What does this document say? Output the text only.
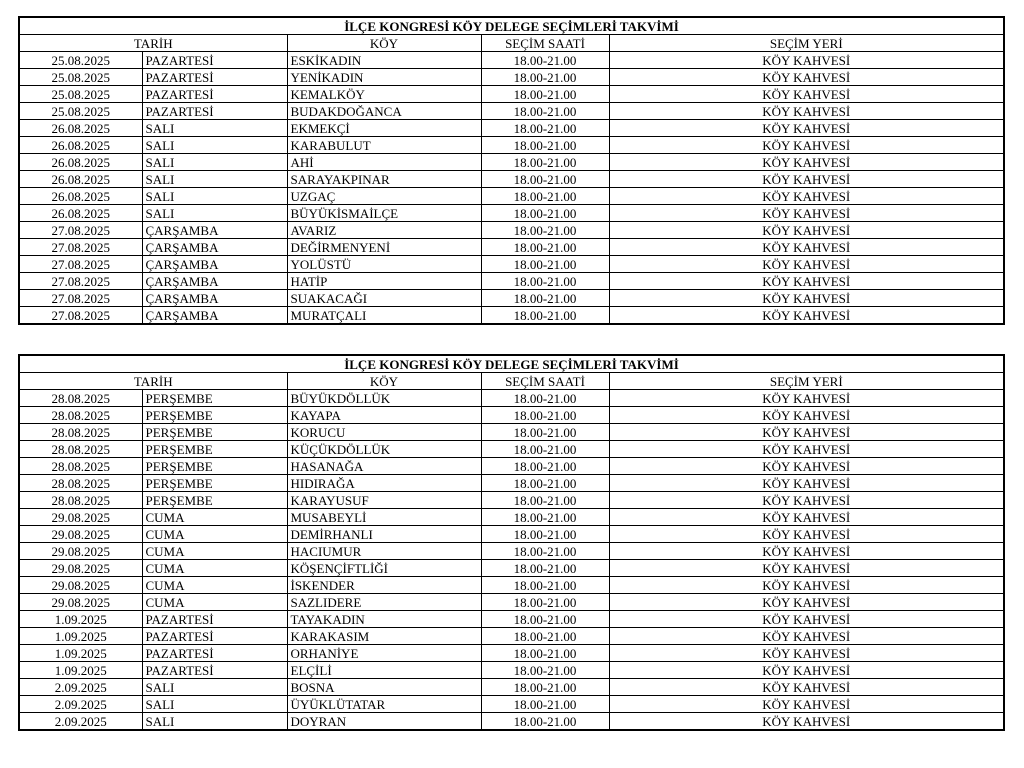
İLÇE KONGRESİ KÖY DELEGE SEÇİMLERİ TAKVİMİ				
TARİH		KÖY	SEÇİM SAATİ	SEÇİM YERİ
25.08.2025	PAZARTESİ	ESKİKADIN	18.00-21.00	KÖY KAHVESİ
25.08.2025	PAZARTESİ	YENİKADIN	18.00-21.00	KÖY KAHVESİ
25.08.2025	PAZARTESİ	KEMALKÖY	18.00-21.00	KÖY KAHVESİ
25.08.2025	PAZARTESİ	BUDAKDOĞANCA	18.00-21.00	KÖY KAHVESİ
26.08.2025	SALI	EKMEKÇİ	18.00-21.00	KÖY KAHVESİ
26.08.2025	SALI	KARABULUT	18.00-21.00	KÖY KAHVESİ
26.08.2025	SALI	AHİ	18.00-21.00	KÖY KAHVESİ
26.08.2025	SALI	SARAYAKPINAR	18.00-21.00	KÖY KAHVESİ
26.08.2025	SALI	UZGAÇ	18.00-21.00	KÖY KAHVESİ
26.08.2025	SALI	BÜYÜKİSMAİLÇE	18.00-21.00	KÖY KAHVESİ
27.08.2025	ÇARŞAMBA	AVARIZ	18.00-21.00	KÖY KAHVESİ
27.08.2025	ÇARŞAMBA	DEĞİRMENYENİ	18.00-21.00	KÖY KAHVESİ
27.08.2025	ÇARŞAMBA	YOLÜSTÜ	18.00-21.00	KÖY KAHVESİ
27.08.2025	ÇARŞAMBA	HATİP	18.00-21.00	KÖY KAHVESİ
27.08.2025	ÇARŞAMBA	SUAKACAĞI	18.00-21.00	KÖY KAHVESİ
27.08.2025	ÇARŞAMBA	MURATÇALI	18.00-21.00	KÖY KAHVESİ
İLÇE KONGRESİ KÖY DELEGE SEÇİMLERİ TAKVİMİ				
TARİH		KÖY	SEÇİM SAATİ	SEÇİM YERİ
28.08.2025	PERŞEMBE	BÜYÜKDÖLLÜK	18.00-21.00	KÖY KAHVESİ
28.08.2025	PERŞEMBE	KAYAPA	18.00-21.00	KÖY KAHVESİ
28.08.2025	PERŞEMBE	KORUCU	18.00-21.00	KÖY KAHVESİ
28.08.2025	PERŞEMBE	KÜÇÜKDÖLLÜK	18.00-21.00	KÖY KAHVESİ
28.08.2025	PERŞEMBE	HASANAĞA	18.00-21.00	KÖY KAHVESİ
28.08.2025	PERŞEMBE	HIDIRAĞA	18.00-21.00	KÖY KAHVESİ
28.08.2025	PERŞEMBE	KARAYUSUF	18.00-21.00	KÖY KAHVESİ
29.08.2025	CUMA	MUSABEYLİ	18.00-21.00	KÖY KAHVESİ
29.08.2025	CUMA	DEMİRHANLI	18.00-21.00	KÖY KAHVESİ
29.08.2025	CUMA	HACIUMUR	18.00-21.00	KÖY KAHVESİ
29.08.2025	CUMA	KÖŞENÇİFTLİĞİ	18.00-21.00	KÖY KAHVESİ
29.08.2025	CUMA	İSKENDER	18.00-21.00	KÖY KAHVESİ
29.08.2025	CUMA	SAZLIDERE	18.00-21.00	KÖY KAHVESİ
1.09.2025	PAZARTESİ	TAYAKADIN	18.00-21.00	KÖY KAHVESİ
1.09.2025	PAZARTESİ	KARAKASIM	18.00-21.00	KÖY KAHVESİ
1.09.2025	PAZARTESİ	ORHANİYE	18.00-21.00	KÖY KAHVESİ
1.09.2025	PAZARTESİ	ELÇİLİ	18.00-21.00	KÖY KAHVESİ
2.09.2025	SALI	BOSNA	18.00-21.00	KÖY KAHVESİ
2.09.2025	SALI	ÜYÜKLÜTATAR	18.00-21.00	KÖY KAHVESİ
2.09.2025	SALI	DOYRAN	18.00-21.00	KÖY KAHVESİ
